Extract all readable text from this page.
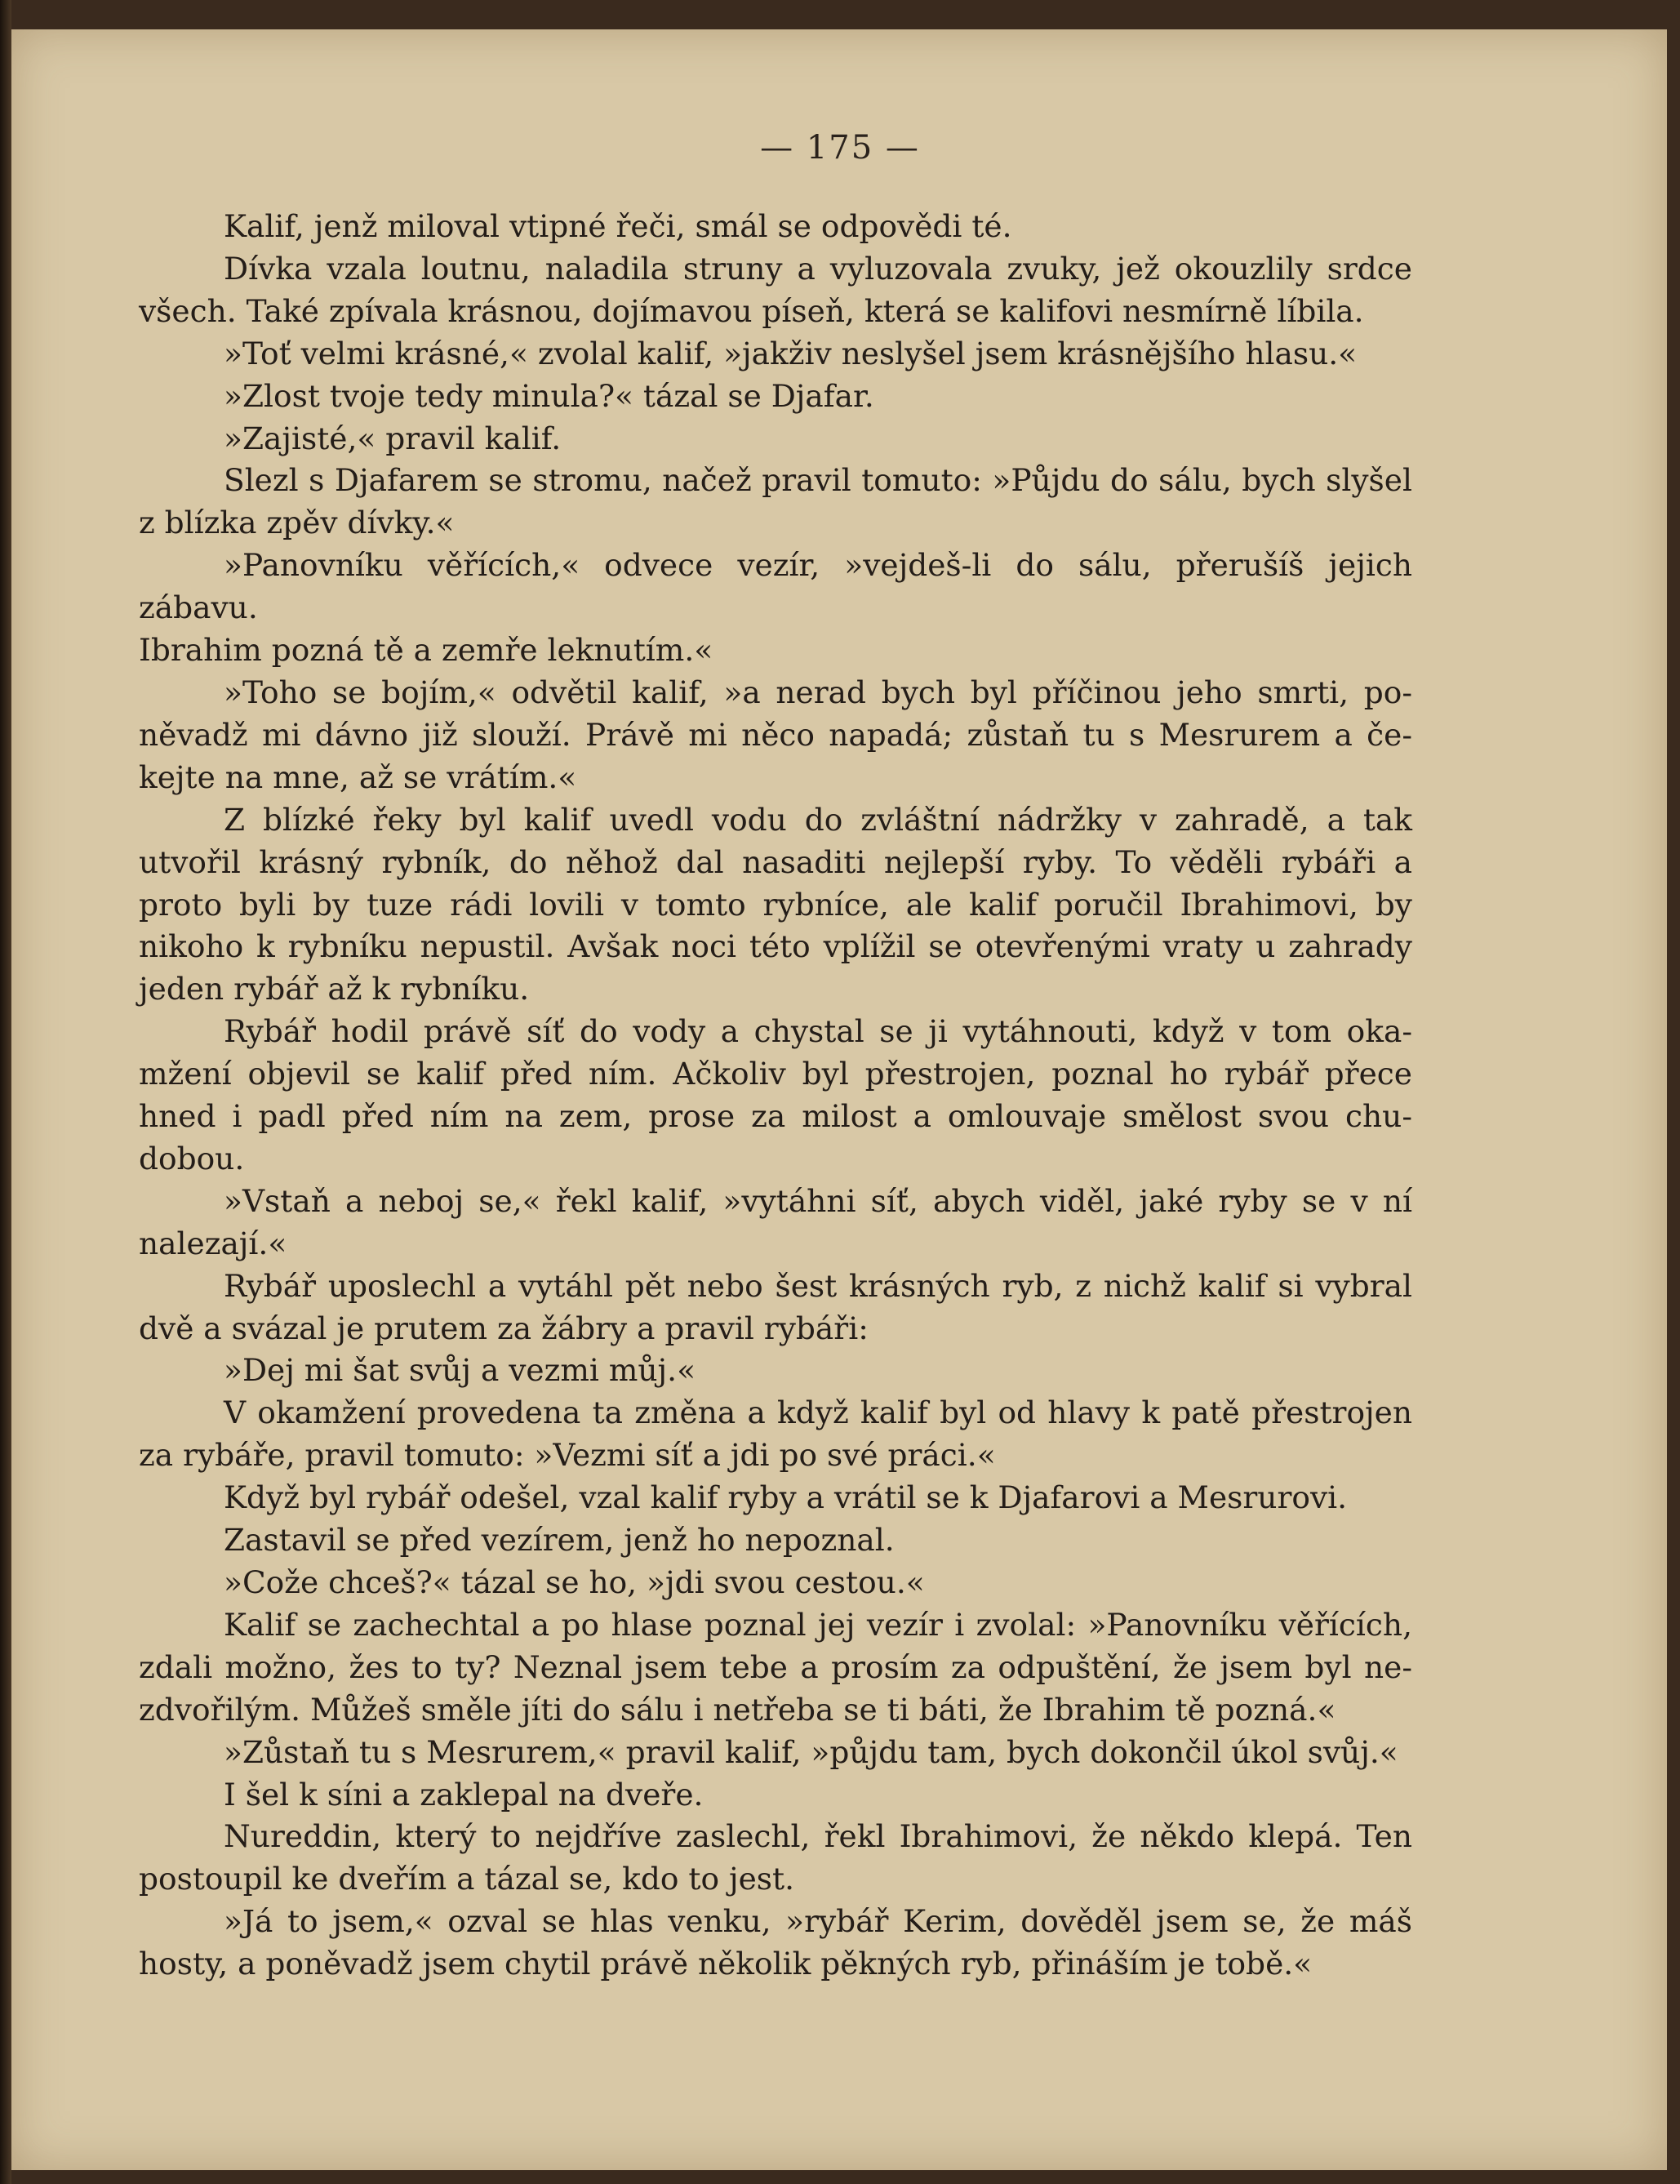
— 175 —

Kalif, jenž miloval vtipné řeči, smál se odpovědi té.

Dívka vzala loutnu, naladila struny a vyluzovala zvuky, jež okouzlily srdce

všech. Také zpívala krásnou, dojímavou píseň, která se kalifovi nesmírně líbila.

»Toť velmi krásné,« zvolal kalif, »jakživ neslyšel jsem krásnějšího hlasu.«

»Zlost tvoje tedy minula?« tázal se Djafar.

»Zajisté,« pravil kalif.

Slezl s Djafarem se stromu, načež pravil tomuto: »Půjdu do sálu, bych slyšel

z blízka zpěv dívky.«

»Panovníku věřících,« odvece vezír, »vejdeš-li do sálu, přerušíš jejich zábavu.

Ibrahim pozná tě a zemře leknutím.«

»Toho se bojím,« odvětil kalif, »a nerad bych byl příčinou jeho smrti, po-

něvadž mi dávno již slouží. Právě mi něco napadá; zůstaň tu s Mesrurem a če-

kejte na mne, až se vrátím.«

Z blízké řeky byl kalif uvedl vodu do zvláštní nádržky v zahradě, a tak

utvořil krásný rybník, do něhož dal nasaditi nejlepší ryby. To věděli rybáři a

proto byli by tuze rádi lovili v tomto rybníce, ale kalif poručil Ibrahimovi, by

nikoho k rybníku nepustil. Avšak noci této vplížil se otevřenými vraty u zahrady

jeden rybář až k rybníku.

Rybář hodil právě síť do vody a chystal se ji vytáhnouti, když v tom oka-

mžení objevil se kalif před ním. Ačkoliv byl přestrojen, poznal ho rybář přece

hned i padl před ním na zem, prose za milost a omlouvaje smělost svou chu-

dobou.

»Vstaň a neboj se,« řekl kalif, »vytáhni síť, abych viděl, jaké ryby se v ní

nalezají.«

Rybář uposlechl a vytáhl pět nebo šest krásných ryb, z nichž kalif si vybral

dvě a svázal je prutem za žábry a pravil rybáři:

»Dej mi šat svůj a vezmi můj.«

V okamžení provedena ta změna a když kalif byl od hlavy k patě přestrojen

za rybáře, pravil tomuto: »Vezmi síť a jdi po své práci.«

Když byl rybář odešel, vzal kalif ryby a vrátil se k Djafarovi a Mesrurovi.

Zastavil se před vezírem, jenž ho nepoznal.

»Cože chceš?« tázal se ho, »jdi svou cestou.«

Kalif se zachechtal a po hlase poznal jej vezír i zvolal: »Panovníku věřících,

zdali možno, žes to ty? Neznal jsem tebe a prosím za odpuštění, že jsem byl ne-

zdvořilým. Můžeš směle jíti do sálu i netřeba se ti báti, že Ibrahim tě pozná.«

»Zůstaň tu s Mesrurem,« pravil kalif, »půjdu tam, bych dokončil úkol svůj.«

I šel k síni a zaklepal na dveře.

Nureddin, který to nejdříve zaslechl, řekl Ibrahimovi, že někdo klepá. Ten

postoupil ke dveřím a tázal se, kdo to jest.

»Já to jsem,« ozval se hlas venku, »rybář Kerim, dověděl jsem se, že máš

hosty, a poněvadž jsem chytil právě několik pěkných ryb, přináším je tobě.«
